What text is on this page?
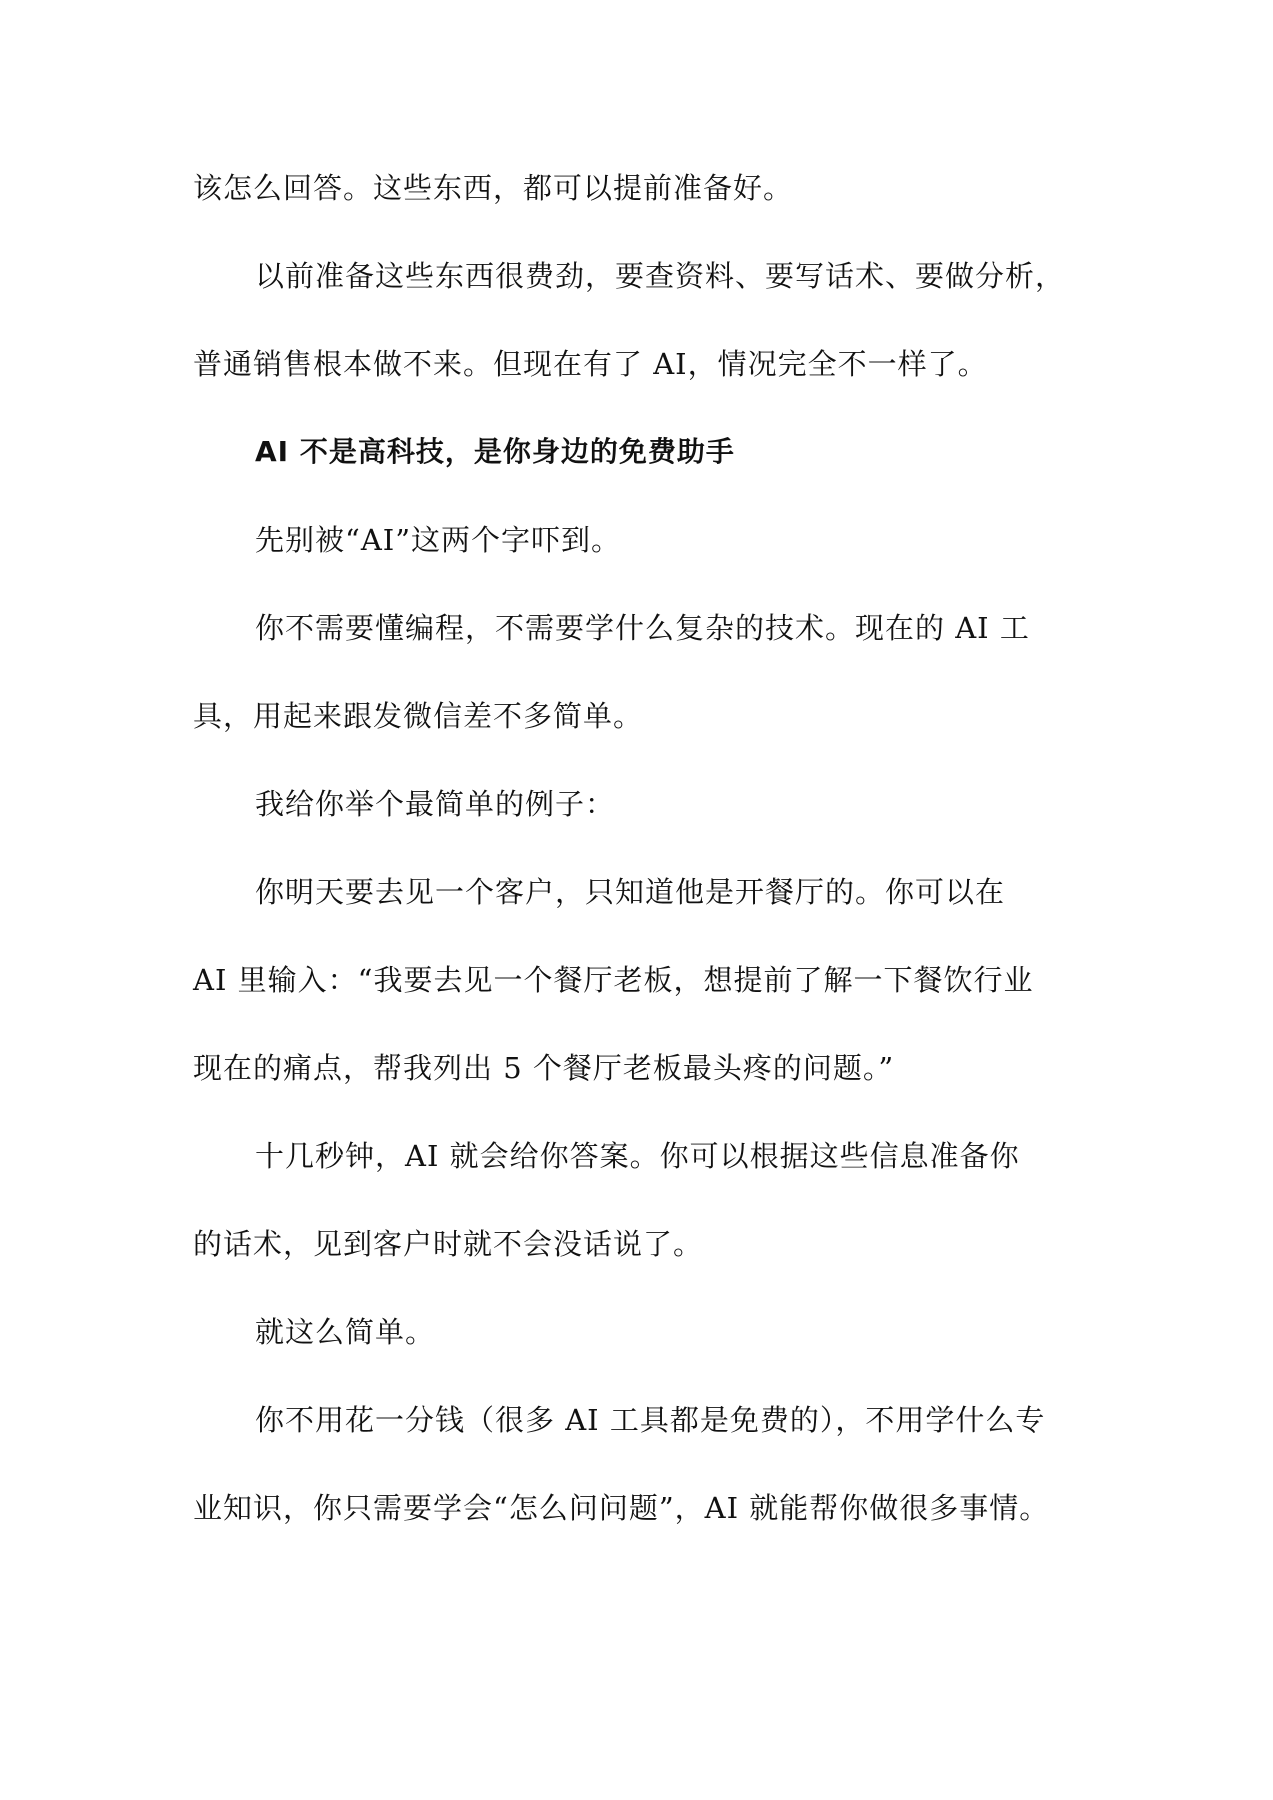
该怎么回答。这些东西，都可以提前准备好。
以前准备这些东西很费劲，要查资料、要写话术、要做分析，
普通销售根本做不来。但现在有了 AI，情况完全不一样了。
AI 不是高科技，是你身边的免费助手
先别被“AI”这两个字吓到。
你不需要懂编程，不需要学什么复杂的技术。现在的 AI 工
具，用起来跟发微信差不多简单。
我给你举个最简单的例子：
你明天要去见一个客户，只知道他是开餐厅的。你可以在
AI 里输入：“我要去见一个餐厅老板，想提前了解一下餐饮行业
现在的痛点，帮我列出 5 个餐厅老板最头疼的问题。”
十几秒钟，AI 就会给你答案。你可以根据这些信息准备你
的话术，见到客户时就不会没话说了。
就这么简单。
你不用花一分钱（很多 AI 工具都是免费的），不用学什么专
业知识，你只需要学会“怎么问问题”，AI 就能帮你做很多事情。
